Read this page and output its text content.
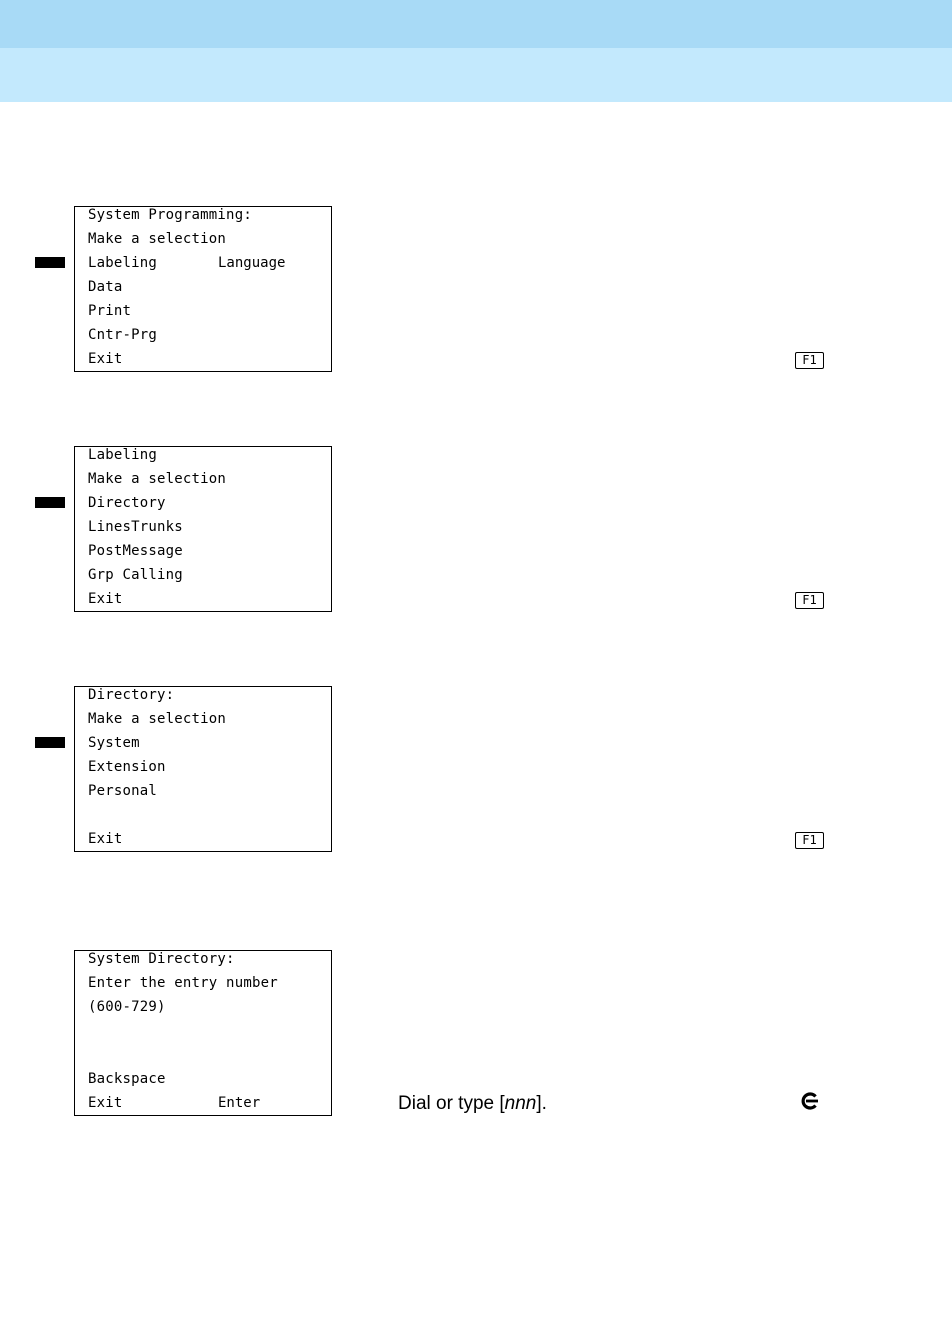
System Programming:
Make a selection
Labeling	Language
Data
Print
Cntr-Prg
Exit	F1
Labeling
Make a selection
Directory
LinesTrunks
PostMessage
Grp Calling
Exit	F1
Directory:
Make a selection
System
Extension
Personal
Exit	F1
System Directory:
Enter the entry number
(600-729)
Backspace
Exit	Enter	Dial or type [nnn].
